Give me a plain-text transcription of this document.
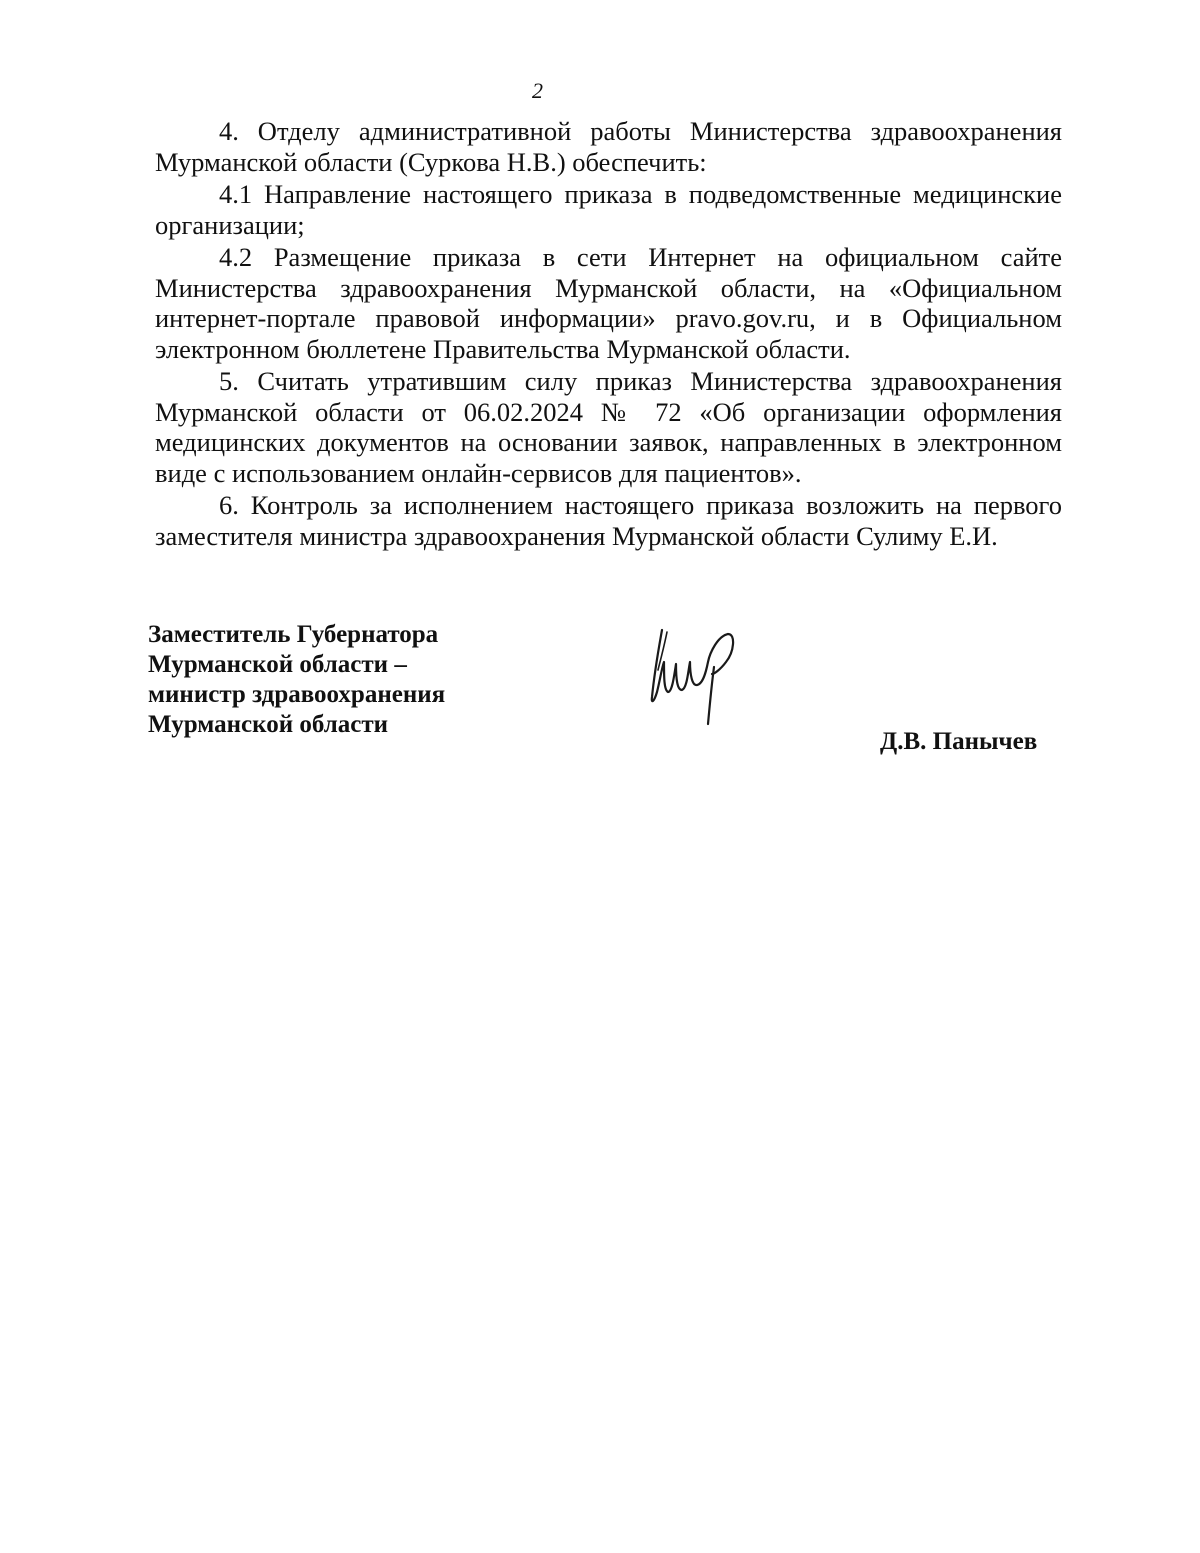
2

4. Отделу административной работы Министерства здравоохранения Мурманской области (Суркова Н.В.) обеспечить:

4.1 Направление настоящего приказа в подведомственные медицинские организации;

4.2 Размещение приказа в сети Интернет на официальном сайте Министерства здравоохранения Мурманской области, на «Официальном интернет-портале правовой информации» pravo.gov.ru, и в Официальном электронном бюллетене Правительства Мурманской области.

5. Считать утратившим силу приказ Министерства здравоохранения Мурманской области от 06.02.2024 № 72 «Об организации оформления медицинских документов на основании заявок, направленных в электронном виде с использованием онлайн-сервисов для пациентов».

6. Контроль за исполнением настоящего приказа возложить на первого заместителя министра здравоохранения Мурманской области Сулиму Е.И.

Заместитель Губернатора
Мурманской области –
министр здравоохранения
Мурманской области
Д.В. Панычев
